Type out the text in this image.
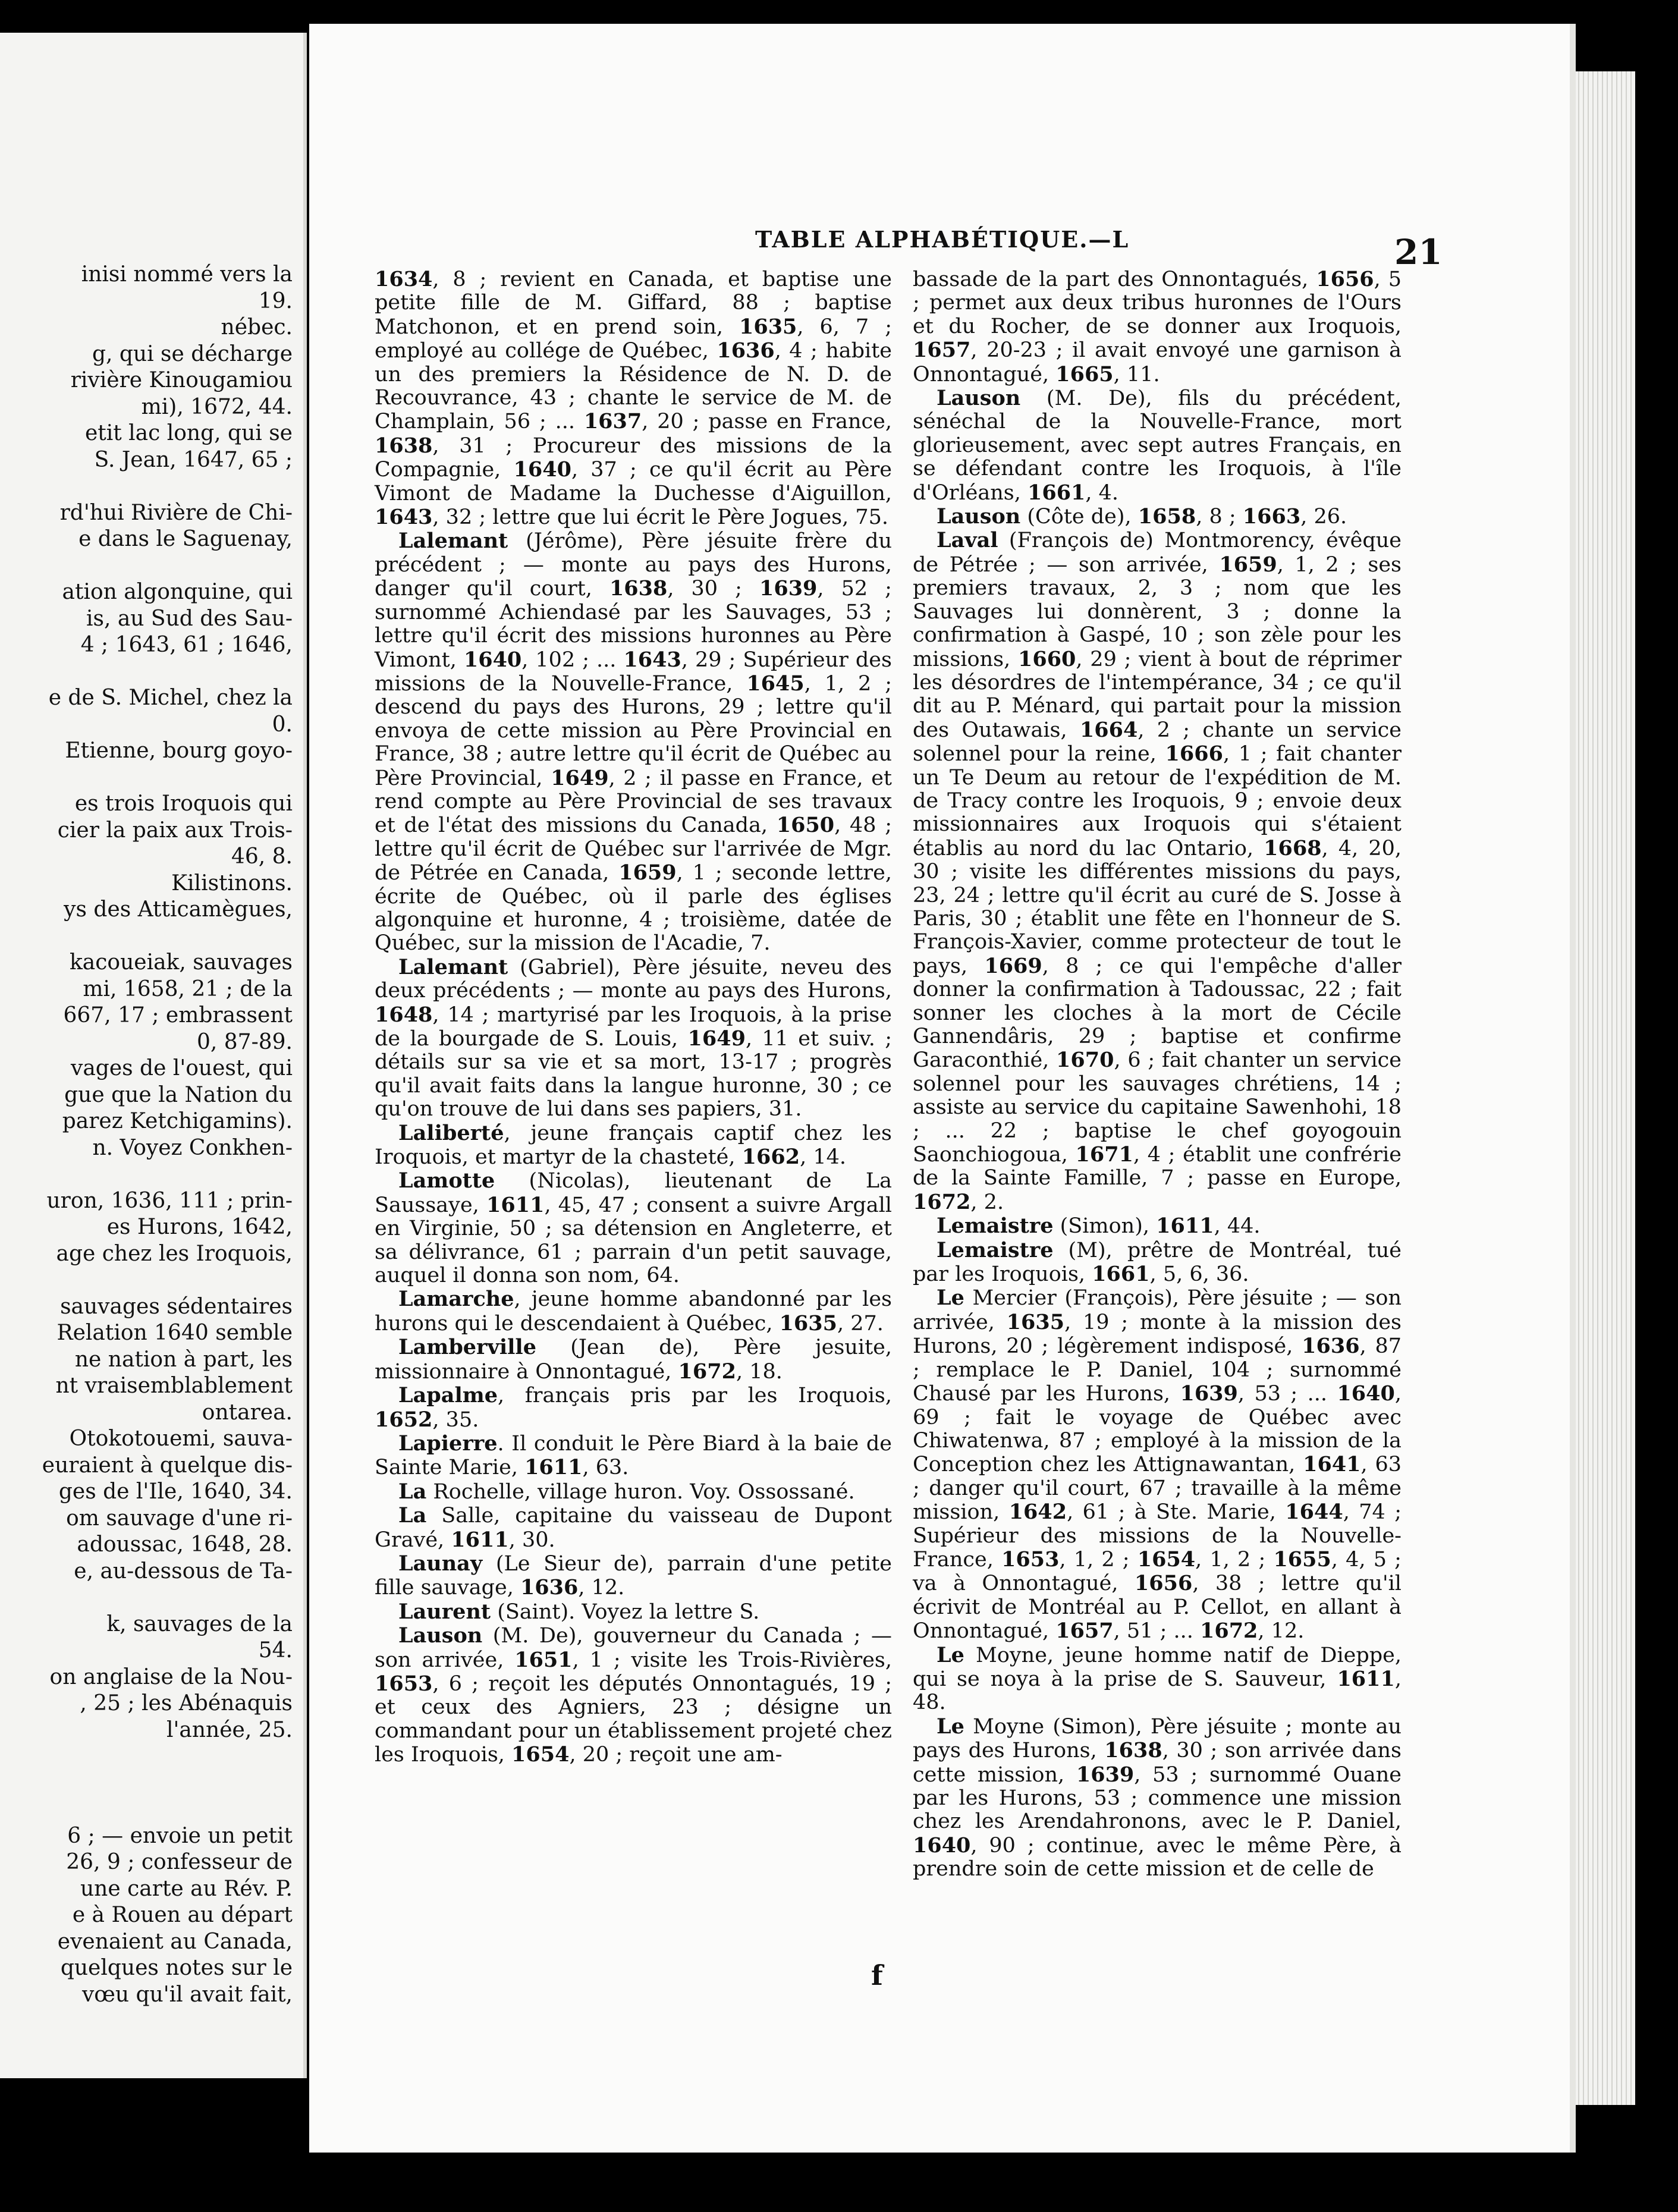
inisi nommé vers la
19.
nébec.
g, qui se décharge
rivière Kinougamiou
mi), 1672, 44.
etit lac long, qui se
S. Jean, 1647, 65 ;
rd'hui Rivière de Chi-
e dans le Saguenay,
ation algonquine, qui
is, au Sud des Sau-
4 ; 1643, 61 ; 1646,
e de S. Michel, chez la
0.
Etienne, bourg goyo-
es trois Iroquois qui
cier la paix aux Trois-
46, 8.
Kilistinons.
ys des Atticamègues,
kacoueiak, sauvages
mi, 1658, 21 ; de la
667, 17 ; embrassent
0, 87-89.
vages de l'ouest, qui
gue que la Nation du
parez Ketchigamins).
n. Voyez Conkhen-
uron, 1636, 111 ; prin-
es Hurons, 1642,
age chez les Iroquois,
sauvages sédentaires
Relation 1640 semble
ne nation à part, les
nt vraisemblablement
ontarea.
Otokotouemi, sauva-
euraient à quelque dis-
ges de l'Ile, 1640, 34.
om sauvage d'une ri-
adoussac, 1648, 28.
e, au-dessous de Ta-
k, sauvages de la
54.
on anglaise de la Nou-
, 25 ; les Abénaquis
l'année, 25.
6 ; — envoie un petit
26, 9 ; confesseur de
une carte au Rév. P.
e à Rouen au départ
evenaient au Canada,
quelques notes sur le
vœu qu'il avait fait,
TABLE ALPHABÉTIQUE.—L	21

1634, 8 ; revient en Canada, et baptise une petite fille de M. Giffard, 88 ; baptise Matchonon, et en prend soin, 1635, 6, 7 ; employé au collége de Québec, 1636, 4 ; habite un des premiers la Résidence de N. D. de Recouvrance, 43 ; chante le service de M. de Champlain, 56 ; ... 1637, 20 ; passe en France, 1638, 31 ; Procureur des missions de la Compagnie, 1640, 37 ; ce qu'il écrit au Père Vimont de Madame la Duchesse d'Aiguillon, 1643, 32 ; lettre que lui écrit le Père Jogues, 75.

Lalemant (Jérôme), Père jésuite frère du précédent ; — monte au pays des Hurons, danger qu'il court, 1638, 30 ; 1639, 52 ; surnommé Achiendasé par les Sauvages, 53 ; lettre qu'il écrit des missions huronnes au Père Vimont, 1640, 102 ; ... 1643, 29 ; Supérieur des missions de la Nouvelle-France, 1645, 1, 2 ; descend du pays des Hurons, 29 ; lettre qu'il envoya de cette mission au Père Provincial en France, 38 ; autre lettre qu'il écrit de Québec au Père Provincial, 1649, 2 ; il passe en France, et rend compte au Père Provincial de ses travaux et de l'état des missions du Canada, 1650, 48 ; lettre qu'il écrit de Québec sur l'arrivée de Mgr. de Pétrée en Canada, 1659, 1 ; seconde lettre, écrite de Québec, où il parle des églises algonquine et huronne, 4 ; troisième, datée de Québec, sur la mission de l'Acadie, 7.

Lalemant (Gabriel), Père jésuite, neveu des deux précédents ; — monte au pays des Hurons, 1648, 14 ; martyrisé par les Iroquois, à la prise de la bourgade de S. Louis, 1649, 11 et suiv. ; détails sur sa vie et sa mort, 13-17 ; progrès qu'il avait faits dans la langue huronne, 30 ; ce qu'on trouve de lui dans ses papiers, 31.

Laliberté, jeune français captif chez les Iroquois, et martyr de la chasteté, 1662, 14.

Lamotte (Nicolas), lieutenant de La Saussaye, 1611, 45, 47 ; consent a suivre Argall en Virginie, 50 ; sa détension en Angleterre, et sa délivrance, 61 ; parrain d'un petit sauvage, auquel il donna son nom, 64.

Lamarche, jeune homme abandonné par les hurons qui le descendaient à Québec, 1635, 27.

Lamberville (Jean de), Père jesuite, missionnaire à Onnontagué, 1672, 18.

Lapalme, français pris par les Iroquois, 1652, 35.

Lapierre. Il conduit le Père Biard à la baie de Sainte Marie, 1611, 63.

La Rochelle, village huron. Voy. Ossossané.

La Salle, capitaine du vaisseau de Dupont Gravé, 1611, 30.

Launay (Le Sieur de), parrain d'une petite fille sauvage, 1636, 12.

Laurent (Saint). Voyez la lettre S.

Lauson (M. De), gouverneur du Canada ; — son arrivée, 1651, 1 ; visite les Trois-Rivières, 1653, 6 ; reçoit les députés Onnontagués, 19 ; et ceux des Agniers, 23 ; désigne un commandant pour un établissement projeté chez les Iroquois, 1654, 20 ; reçoit une am-

bassade de la part des Onnontagués, 1656, 5 ; permet aux deux tribus huronnes de l'Ours et du Rocher, de se donner aux Iroquois, 1657, 20-23 ; il avait envoyé une garnison à Onnontagué, 1665, 11.

Lauson (M. De), fils du précédent, sénéchal de la Nouvelle-France, mort glorieusement, avec sept autres Français, en se défendant contre les Iroquois, à l'île d'Orléans, 1661, 4.

Lauson (Côte de), 1658, 8 ; 1663, 26.

Laval (François de) Montmorency, évêque de Pétrée ; — son arrivée, 1659, 1, 2 ; ses premiers travaux, 2, 3 ; nom que les Sauvages lui donnèrent, 3 ; donne la confirmation à Gaspé, 10 ; son zèle pour les missions, 1660, 29 ; vient à bout de réprimer les désordres de l'intempérance, 34 ; ce qu'il dit au P. Ménard, qui partait pour la mission des Outawais, 1664, 2 ; chante un service solennel pour la reine, 1666, 1 ; fait chanter un Te Deum au retour de l'expédition de M. de Tracy contre les Iroquois, 9 ; envoie deux missionnaires aux Iroquois qui s'étaient établis au nord du lac Ontario, 1668, 4, 20, 30 ; visite les différentes missions du pays, 23, 24 ; lettre qu'il écrit au curé de S. Josse à Paris, 30 ; établit une fête en l'honneur de S. François-Xavier, comme protecteur de tout le pays, 1669, 8 ; ce qui l'empêche d'aller donner la confirmation à Tadoussac, 22 ; fait sonner les cloches à la mort de Cécile Gannendâris, 29 ; baptise et confirme Garaconthié, 1670, 6 ; fait chanter un service solennel pour les sauvages chrétiens, 14 ; assiste au service du capitaine Sawenhohi, 18 ; ... 22 ; baptise le chef goyogouin Saonchiogoua, 1671, 4 ; établit une confrérie de la Sainte Famille, 7 ; passe en Europe, 1672, 2.

Lemaistre (Simon), 1611, 44.

Lemaistre (M), prêtre de Montréal, tué par les Iroquois, 1661, 5, 6, 36.

Le Mercier (François), Père jésuite ; — son arrivée, 1635, 19 ; monte à la mission des Hurons, 20 ; légèrement indisposé, 1636, 87 ; remplace le P. Daniel, 104 ; surnommé Chausé par les Hurons, 1639, 53 ; ... 1640, 69 ; fait le voyage de Québec avec Chiwatenwa, 87 ; employé à la mission de la Conception chez les Attignawantan, 1641, 63 ; danger qu'il court, 67 ; travaille à la même mission, 1642, 61 ; à Ste. Marie, 1644, 74 ; Supérieur des missions de la Nouvelle-France, 1653, 1, 2 ; 1654, 1, 2 ; 1655, 4, 5 ; va à Onnontagué, 1656, 38 ; lettre qu'il écrivit de Montréal au P. Cellot, en allant à Onnontagué, 1657, 51 ; ... 1672, 12.

Le Moyne, jeune homme natif de Dieppe, qui se noya à la prise de S. Sauveur, 1611, 48.

Le Moyne (Simon), Père jésuite ; monte au pays des Hurons, 1638, 30 ; son arrivée dans cette mission, 1639, 53 ; surnommé Ouane par les Hurons, 53 ; commence une mission chez les Arendahronons, avec le P. Daniel, 1640, 90 ; continue, avec le même Père, à prendre soin de cette mission et de celle de

f
